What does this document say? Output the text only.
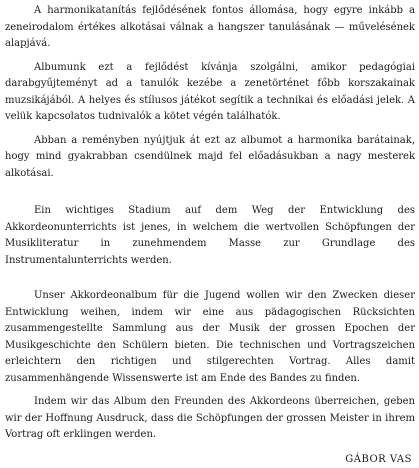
A harmonikatanítás fejlődésének fontos állomása, hogy egyre inkább a zeneirodalom értékes alkotásai válnak a hangszer tanulásának — művelésének alapjává.

Albumunk ezt a fejlődést kívánja szolgálni, amikor pedagógiai darabgyűjteményt ad a tanulók kezébe a zenetörténet főbb korszakainak muzsikájából. A helyes és stílusos játékot segítik a technikai és előadási jelek. A velük kapcsolatos tudnivalók a kötet végén találhatók.

Abban a reményben nyújtjuk át ezt az albumot a harmonika barátainak, hogy mind gyakrabban csendülnek majd fel előadásukban a nagy mesterek alkotásai.

Ein wichtiges Stadium auf dem Weg der Entwicklung des Akkordeonunterrichts ist jenes, in welchem die wertvollen Schöpfungen der Musikliteratur in zunehmendem Masse zur Grundlage des Instrumentalunterrichts werden.

Unser Akkordeonalbum für die Jugend wollen wir den Zwecken dieser Entwicklung weihen, indem wir eine aus pädagogischen Rücksichten zusammengestellte Sammlung aus der Musik der grossen Epochen der Musikgeschichte den Schülern bieten. Die technischen und Vortragszeichen erleichtern den richtigen und stilgerechten Vortrag. Alles damit zusammenhängende Wissenswerte ist am Ende des Bandes zu finden.

Indem wir das Album den Freunden des Akkordeons überreichen, geben wir der Hoffnung Ausdruck, dass die Schöpfungen der grossen Meister in ihrem Vortrag oft erklingen werden.

GÁBOR VAS
